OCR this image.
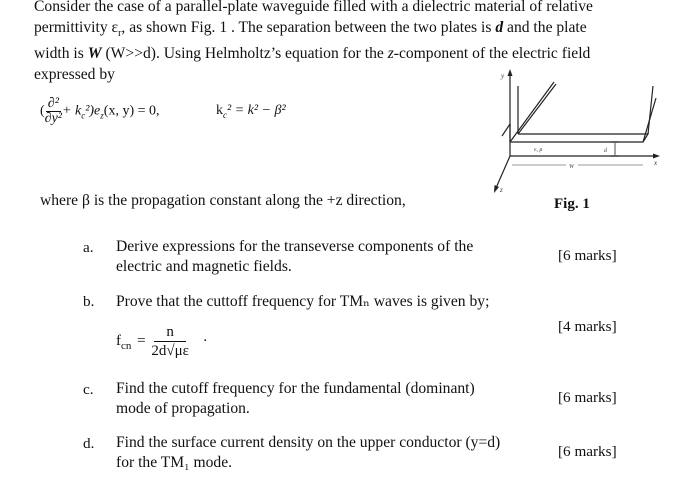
Consider the case of a parallel-plate waveguide filled with a dielectric material of relative
permittivity $\varepsilon_r$, as shown Fig. 1 . The separation between the two plates is d and the plate
width is W (W>>d). Using Helmholtz’s equation for the z-component of the electric field
expressed by

( $\frac{\text{∂²}}{\text{∂y²}} + k_c^2)e_z(x$, y) = 0,	$k_c^2 = k^2 - \beta^2$
y
x
z
ε, μ
W
d
where β is the propagation constant along the +z direction,	Fig. 1
a. Derive expressions for the transeverse components of the
electric and magnetic fields.
[6 marks]
b. Prove that the cuttoff frequency for TMₙ waves is given by;
$f_{cn} = \frac{n}{2d√\mu\varepsilon}$ ·
[4 marks]
c. Find the cutoff frequency for the fundamental (dominant)
mode of propagation.
[6 marks]
d. Find the surface current density on the upper conductor (y=d)
for the TM₁ mode.
[6 marks]
